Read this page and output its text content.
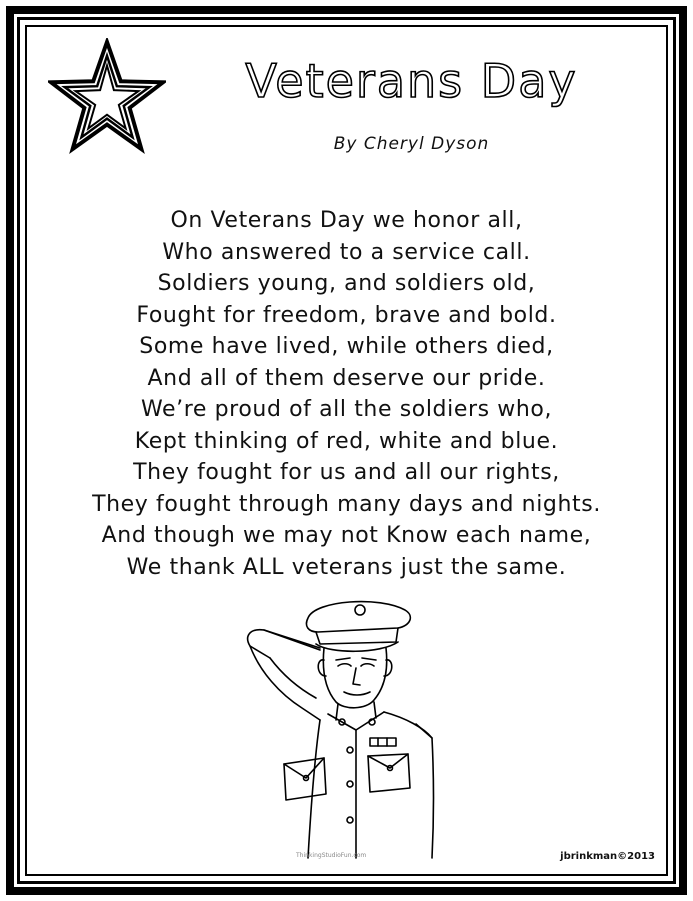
Veterans Day
By Cheryl Dyson
On Veterans Day we honor all,
Who answered to a service call.
Soldiers young, and soldiers old,
Fought for freedom, brave and bold.
Some have lived, while others died,
And all of them deserve our pride.
We’re proud of all the soldiers who,
Kept thinking of red, white and blue.
They fought for us and all our rights,
They fought through many days and nights.
And though we may not Know each name,
We thank ALL veterans just the same.
ThinkingStudioFun.com	jbrinkman©2013
